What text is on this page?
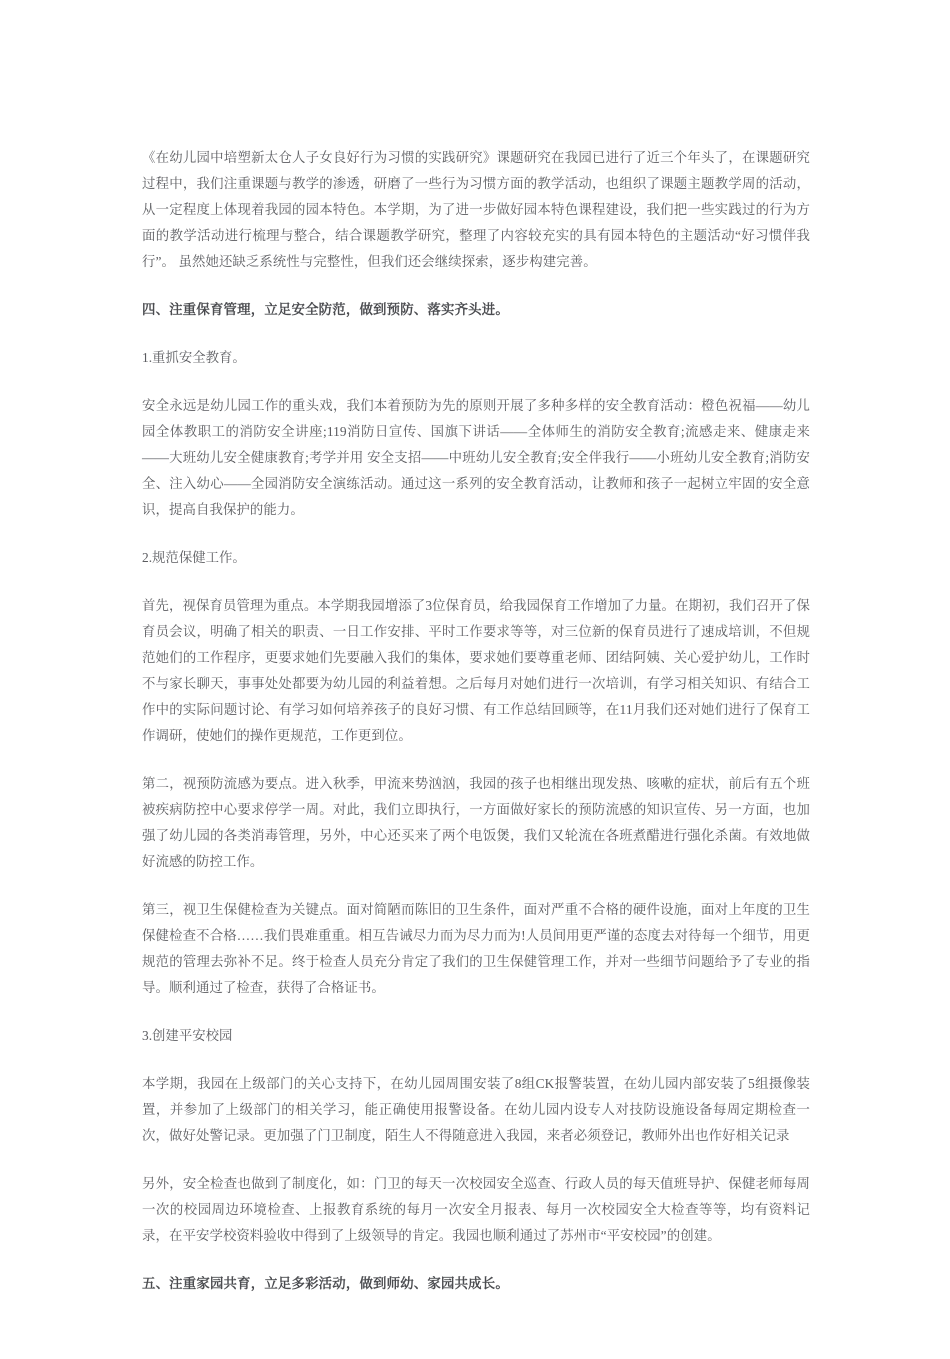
《在幼儿园中培塑新太仓人子女良好行为习惯的实践研究》课题研究在我园已进行了近三个年头了，在课题研究过程中，我们注重课题与教学的渗透，研磨了一些行为习惯方面的教学活动，也组织了课题主题教学周的活动，从一定程度上体现着我园的园本特色。本学期，为了进一步做好园本特色课程建设，我们把一些实践过的行为方面的教学活动进行梳理与整合，结合课题教学研究，整理了内容较充实的具有园本特色的主题活动“好习惯伴我行”。 虽然她还缺乏系统性与完整性，但我们还会继续探索，逐步构建完善。

四、注重保育管理，立足安全防范，做到预防、落实齐头进。

1.重抓安全教育。

安全永远是幼儿园工作的重头戏，我们本着预防为先的原则开展了多种多样的安全教育活动：橙色祝福——幼儿园全体教职工的消防安全讲座;119消防日宣传、国旗下讲话——全体师生的消防安全教育;流感走来、健康走来——大班幼儿安全健康教育;考学并用 安全支招——中班幼儿安全教育;安全伴我行——小班幼儿安全教育;消防安全、注入幼心——全园消防安全演练活动。通过这一系列的安全教育活动，让教师和孩子一起树立牢固的安全意识，提高自我保护的能力。

2.规范保健工作。

首先，视保育员管理为重点。本学期我园增添了3位保育员，给我园保育工作增加了力量。在期初，我们召开了保育员会议，明确了相关的职责、一日工作安排、平时工作要求等等，对三位新的保育员进行了速成培训，不但规范她们的工作程序，更要求她们先要融入我们的集体，要求她们要尊重老师、团结阿姨、关心爱护幼儿，工作时不与家长聊天，事事处处都要为幼儿园的利益着想。之后每月对她们进行一次培训，有学习相关知识、有结合工作中的实际问题讨论、有学习如何培养孩子的良好习惯、有工作总结回顾等，在11月我们还对她们进行了保育工作调研，使她们的操作更规范，工作更到位。

第二，视预防流感为要点。进入秋季，甲流来势汹汹，我园的孩子也相继出现发热、咳嗽的症状，前后有五个班被疾病防控中心要求停学一周。对此，我们立即执行，一方面做好家长的预防流感的知识宣传、另一方面，也加强了幼儿园的各类消毒管理，另外，中心还买来了两个电饭煲，我们又轮流在各班煮醋进行强化杀菌。有效地做好流感的防控工作。

第三，视卫生保健检查为关键点。面对简陋而陈旧的卫生条件，面对严重不合格的硬件设施，面对上年度的卫生保健检查不合格……我们畏难重重。相互告诫尽力而为尽力而为!人员间用更严谨的态度去对待每一个细节，用更规范的管理去弥补不足。终于检查人员充分肯定了我们的卫生保健管理工作，并对一些细节问题给予了专业的指导。顺利通过了检查，获得了合格证书。

3.创建平安校园

本学期，我园在上级部门的关心支持下，在幼儿园周围安装了8组CK报警装置，在幼儿园内部安装了5组摄像装置，并参加了上级部门的相关学习，能正确使用报警设备。在幼儿园内设专人对技防设施设备每周定期检查一次，做好处警记录。更加强了门卫制度，陌生人不得随意进入我园，来者必须登记，教师外出也作好相关记录

另外，安全检查也做到了制度化，如：门卫的每天一次校园安全巡查、行政人员的每天值班导护、保健老师每周一次的校园周边环境检查、上报教育系统的每月一次安全月报表、每月一次校园安全大检查等等，均有资料记录，在平安学校资料验收中得到了上级领导的肯定。我园也顺利通过了苏州市“平安校园”的创建。

五、注重家园共育，立足多彩活动，做到师幼、家园共成长。
